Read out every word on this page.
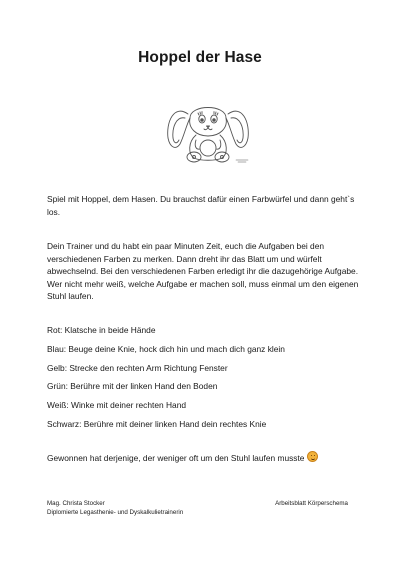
Hoppel der Hase

Spiel mit Hoppel, dem Hasen. Du brauchst dafür einen Farbwürfel und dann geht`s los.

Dein Trainer und du habt ein paar Minuten Zeit, euch die Aufgaben bei den verschiedenen Farben zu merken. Dann dreht ihr das Blatt um und würfelt abwechselnd. Bei den verschiedenen Farben erledigt ihr die dazugehörige Aufgabe. Wer nicht mehr weiß, welche Aufgabe er machen soll, muss einmal um den eigenen Stuhl laufen.

Rot: Klatsche in beide Hände
Blau: Beuge deine Knie, hock dich hin und mach dich ganz klein
Gelb: Strecke den rechten Arm Richtung Fenster
Grün: Berühre mit der linken Hand den Boden
Weiß: Winke mit deiner rechten Hand
Schwarz: Berühre mit deiner linken Hand dein rechtes Knie

Gewonnen hat derjenige, der weniger oft um den Stuhl laufen musste

Mag. Christa Stocker
Diplomierte Legasthenie- und Dyskalkulietrainerin
Arbeitsblatt Körperschema
